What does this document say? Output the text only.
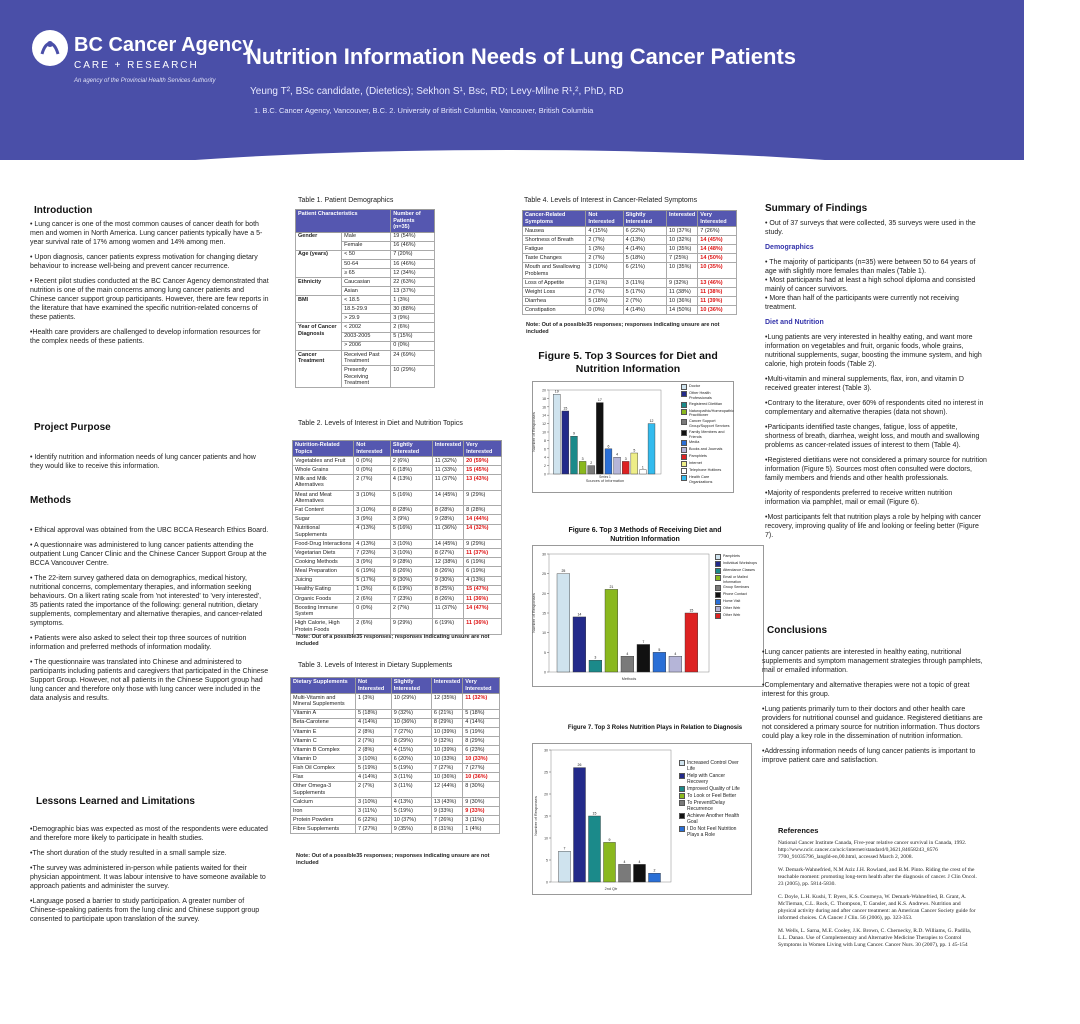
BC Cancer Agency
CARE + RESEARCH
An agency of the Provincial Health Services Authority
Nutrition Information Needs of Lung Cancer Patients
Yeung T², BSc candidate, (Dietetics); Sekhon S¹, Bsc, RD; Levy-Milne R¹,², PhD, RD
1. B.C. Cancer Agency, Vancouver, B.C. 2. University of British Columbia, Vancouver, British Columbia
Introduction

• Lung cancer is one of the most common causes of cancer death for both men and women in North America. Lung cancer patients typically have a 5-year survival rate of 17% among women and 14% among men.

• Upon diagnosis, cancer patients express motivation for changing dietary behaviour to increase well-being and prevent cancer recurrence.

• Recent pilot studies conducted at the BC Cancer Agency demonstrated that nutrition is one of the main concerns among lung cancer patients and Chinese cancer support group participants. However, there are few reports in the literature that have examined the specific nutrition-related concerns of these patients.

•Health care providers are challenged to develop information resources for the complex needs of these patients.

Project Purpose

• Identify nutrition and information needs of lung cancer patients and how they would like to receive this information.

Methods

• Ethical approval was obtained from the UBC BCCA Research Ethics Board.

• A questionnaire was administered to lung cancer patients attending the outpatient Lung Cancer Clinic and the Chinese Cancer Support Group at the BCCA Vancouver Centre.

• The 22-item survey gathered data on demographics, medical history, nutritional concerns, complementary therapies, and information seeking behaviours. On a likert rating scale from 'not interested' to 'very interested', 35 patients rated the importance of the following: general nutrition, dietary supplements, complementary and alternative therapies, and cancer-related symptoms.

• Patients were also asked to select their top three sources of nutrition information and preferred methods of information modality.

• The questionnaire was translated into Chinese and administered to participants including patients and caregivers that participated in the Chinese Support Group. However, not all patients in the Chinese Support group had lung cancer and therefore only those with lung cancer were included in the data analysis and results.

Lessons Learned and Limitations

•Demographic bias was expected as most of the respondents were educated and therefore more likely to participate in health studies.

•The short duration of the study resulted in a small sample size.

•The survey was administered in-person while patients waited for their physician appointment. It was labour intensive to have someone available to approach patients and administer the survey.

•Language posed a barrier to study participation. A greater number of Chinese-speaking patients from the lung clinic and Chinese support group consented to participate upon translation of the survey.

Table 1. Patient Demographics
Patient Characteristics		Number of Patients (n=35)
Gender	Male	19 (54%)
	Female	16 (46%)
Age (years)	< 50	7 (20%)
	50-64	16 (46%)
	≥ 65	12 (34%)
Ethnicity	Caucasian	22 (63%)
	Asian	13 (37%)
BMI	< 18.5	1 (3%)
	18.5-29.9	30 (88%)
	> 29.9	3 (9%)
Year of Cancer Diagnosis	< 2002	2 (6%)
	2003-2005	5 (15%)
	> 2006	0 (0%)
Cancer Treatment	Received Past Treatment	24 (69%)
	Presently Receiving Treatment	10 (29%)
Table 2. Levels of Interest in Diet and Nutrition Topics
Nutrition-Related Topics	Not Interested	Slightly Interested	Interested	Very Interested
Vegetables and Fruit	0 (0%)	2 (6%)	11 (32%)	20 (59%)
Whole Grains	0 (0%)	6 (18%)	11 (33%)	15 (45%)
Milk and Milk Alternatives	2 (7%)	4 (13%)	11 (37%)	13 (43%)
Meat and Meat Alternatives	3 (10%)	5 (16%)	14 (45%)	9 (29%)
Fat Content	3 (10%)	8 (28%)	8 (28%)	8 (28%)
Sugar	3 (9%)	3 (9%)	9 (28%)	14 (44%)
Nutritional Supplements	4 (13%)	5 (16%)	11 (36%)	14 (32%)
Food-Drug Interactions	4 (13%)	3 (10%)	14 (45%)	9 (29%)
Vegetarian Diets	7 (23%)	3 (10%)	8 (27%)	11 (37%)
Cooking Methods	3 (9%)	9 (28%)	12 (38%)	6 (19%)
Meal Preparation	6 (19%)	8 (26%)	8 (26%)	6 (19%)
Juicing	5 (17%)	9 (30%)	9 (30%)	4 (13%)
Healthy Eating	1 (3%)	6 (19%)	8 (25%)	15 (47%)
Organic Foods	2 (6%)	7 (23%)	8 (26%)	11 (36%)
Boosting Immune System	0 (0%)	2 (7%)	11 (37%)	14 (47%)
High Calorie, High Protein Foods	2 (6%)	9 (29%)	6 (19%)	11 (36%)
Note: Out of a possible35 responses; responses indicating unsure are not included
Table 3. Levels of Interest in Dietary Supplements
Dietary Supplements	Not Interested	Slightly Interested	Interested	Very Interested
Multi-Vitamin and Mineral Supplements	1 (3%)	10 (29%)	12 (35%)	11 (32%)
Vitamin A	5 (18%)	9 (32%)	6 (21%)	5 (18%)
Beta-Carotene	4 (14%)	10 (36%)	8 (29%)	4 (14%)
Vitamin E	2 (8%)	7 (27%)	10 (39%)	5 (19%)
Vitamin C	2 (7%)	8 (29%)	9 (32%)	8 (29%)
Vitamin B Complex	2 (8%)	4 (15%)	10 (39%)	6 (23%)
Vitamin D	3 (10%)	6 (20%)	10 (33%)	10 (33%)
Fish Oil Complex	5 (19%)	5 (19%)	7 (27%)	7 (27%)
Flax	4 (14%)	3 (11%)	10 (36%)	10 (36%)
Other Omega-3 Supplements	2 (7%)	3 (11%)	12 (44%)	8 (30%)
Calcium	3 (10%)	4 (13%)	13 (43%)	9 (30%)
Iron	3 (11%)	5 (19%)	9 (33%)	9 (33%)
Protein Powders	6 (22%)	10 (37%)	7 (26%)	3 (11%)
Fibre Supplements	7 (27%)	9 (35%)	8 (31%)	1 (4%)
Note: Out of a possible35 responses; responses indicating unsure are not included
Table 4. Levels of Interest in Cancer-Related Symptoms
Cancer-Related Symptoms	Not Interested	Slightly Interested	Interested	Very Interested
Nausea	4 (15%)	6 (22%)	10 (37%)	7 (26%)
Shortness of Breath	2 (7%)	4 (13%)	10 (32%)	14 (45%)
Fatigue	1 (3%)	4 (14%)	10 (35%)	14 (48%)
Taste Changes	2 (7%)	5 (18%)	7 (25%)	14 (50%)
Mouth and Swallowing Problems	3 (10%)	6 (21%)	10 (35%)	10 (35%)
Loss of Appetite	3 (11%)	3 (11%)	9 (32%)	13 (46%)
Weight Loss	2 (7%)	5 (17%)	11 (38%)	11 (38%)
Diarrhea	5 (18%)	2 (7%)	10 (36%)	11 (39%)
Constipation	0 (0%)	4 (14%)	14 (50%)	10 (36%)
Note: Out of a possible35 responses; responses indicating unsure are not included
Figure 5. Top 3 Sources for Diet and Nutrition Information
0
2
4
6
8
10
12
14
16
18
20
Number of Responses
19
15
9
3
2
17
6
4
3
5
1
12
Sources of Information
Series 1
Doctor
Other Health Professionals
Registered Dietitian
Naturopathic/Homeopathic Practitioner
Cancer Support Group/Support Services
Family Members and Friends
Media
Books and Journals
Pamphlets
Internet
Telephone Hotlines
Health Care Organizations
Figure 6. Top 3 Methods of Receiving Diet and Nutrition Information
0
5
10
15
20
25
30
Number of Responses
25
14
3
21
4
7
5
4
15
Methods
Pamphlets
Individual Workshops
Attendance Classes
Email or Mailed Information
Group Seminars
Phone Contact
Home Visit
Other Web
Other Web
Figure 7. Top 3 Roles Nutrition Plays in Relation to Diagnosis
0
5
10
15
20
25
30
Number of Responses
7
26
15
9
4	4
2
2nd Qtr
Increased Control Over Life
Help with Cancer Recovery
Improved Quality of Life
To Look or Feel Better
To Prevent/Delay Recurrence
Achieve Another Health Goal
I Do Not Feel Nutrition Plays a Role
Summary of Findings

• Out of 37 surveys that were collected, 35 surveys were used in the study.

Demographics

• The majority of participants (n=35) were between 50 to 64 years of age with slightly more females than males (Table 1).

• Most participants had at least a high school diploma and consisted mainly of cancer survivors.

• More than half of the participants were currently not receiving treatment.

Diet and Nutrition

•Lung patients are very interested in healthy eating, and want more information on vegetables and fruit, organic foods, whole grains, nutritional supplements, sugar, boosting the immune system, and high calorie, high protein foods (Table 2).

•Multi-vitamin and mineral supplements, flax, iron, and vitamin D received greater interest (Table 3).

•Contrary to the literature, over 60% of respondents cited no interest in complementary and alternative therapies (data not shown).

•Participants identified taste changes, fatigue, loss of appetite, shortness of breath, diarrhea, weight loss, and mouth and swallowing problems as cancer-related issues of interest to them (Table 4).

•Registered dietitians were not considered a primary source for nutrition information (Figure 5). Sources most often consulted were doctors, family members and friends and other health professionals.

•Majority of respondents preferred to receive written nutrition information via pamphlet, mail or email (Figure 6).

•Most participants felt that nutrition plays a role by helping with cancer recovery, improving quality of life and looking or feeling better (Figure 7).

Conclusions

•Lung cancer patients are interested in healthy eating, nutritional supplements and symptom management strategies through pamphlets, mail or emailed information.

•Complementary and alternative therapies were not a topic of great interest for this group.

•Lung patients primarily turn to their doctors and other health care providers for nutritional counsel and guidance. Registered dietitians are not considered a primary source for nutrition information. Thus doctors could play a key role in the dissemination of nutrition information.

•Addressing information needs of lung cancer patients is important to improve patient care and satisfaction.

References

National Cancer Institute Canada, Five-year relative cancer survival in Canada, 1992. http://www.ncic.cancer.ca/ncic/internet/standard/0,3621,84658243_8576 7700_91035796_langId-en,00.html, accessed March 2, 2008.

W. Demark-Wahnefried, N.M Aziz J.H. Rowland, and B.M. Pinto. Riding the crest of the teachable moment: promoting long-term health after the diagnosis of cancer. J Clin Oncol. 23 (2005), pp. 5814-5830.

C. Doyle, L.H. Kushi, T. Byers, K.S. Courneya, W. Demark-Wahnefried, B. Grant, A. McTiernan, C.L. Rock, C. Thompson, T. Gansler, and K.S. Andrews. Nutrition and physical activity during and after cancer treatment: an American Cancer Society guide for informed choices. CA Cancer J Clin. 56 (2006), pp. 323-353.

M. Wells, L. Sarna, M.E. Cooley, J.K. Brown, C. Chernecky, R.D. Williams, G. Padilla, L.L. Danao. Use of Complementary and Alternative Medicine Therapies to Control Symptoms in Women Living with Lung Cancer. Cancer Nurs. 30 (2007), pp. 1 45-154
